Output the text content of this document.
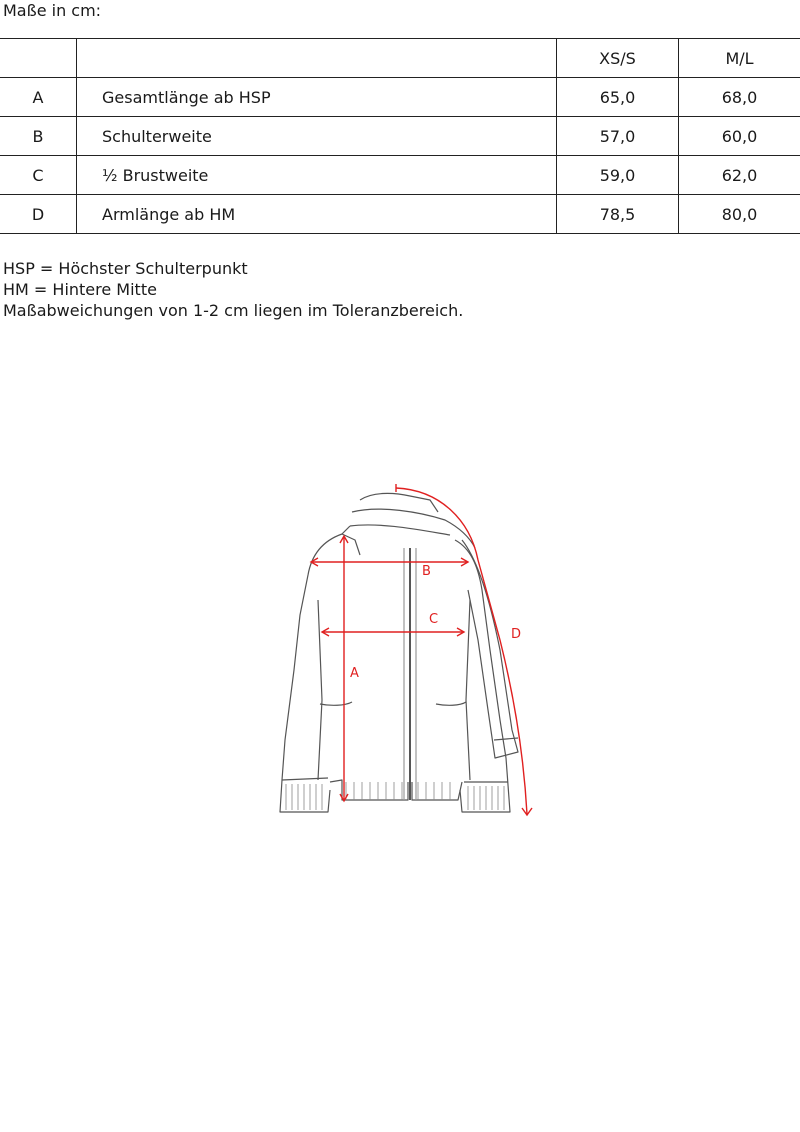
Maße in cm:
		XS/S	M/L
A	Gesamtlänge ab HSP	65,0	68,0
B	Schulterweite	57,0	60,0
C	½ Brustweite	59,0	62,0
D	Armlänge ab HM	78,5	80,0
HSP = Höchster Schulterpunkt
HM = Hintere Mitte
Maßabweichungen von 1-2 cm liegen im Toleranzbereich.
A
B
C
D
